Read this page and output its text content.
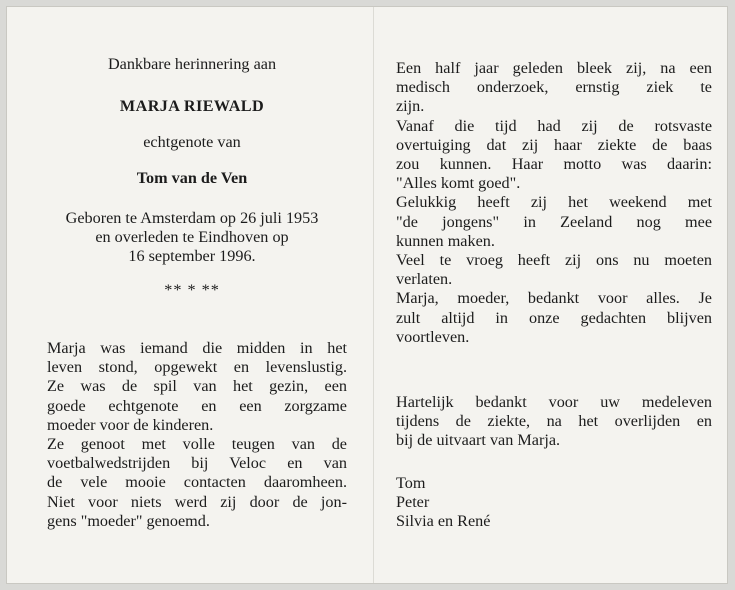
Dankbare herinnering aan
MARJA RIEWALD
echtgenote van
Tom van de Ven
Geboren te Amsterdam op 26 juli 1953
en overleden te Eindhoven op
16 september 1996.
** * **
Marja was iemand die midden in het
leven stond, opgewekt en levenslustig.
Ze was de spil van het gezin, een
goede echtgenote en een zorgzame
moeder voor de kinderen.
Ze genoot met volle teugen van de
voetbalwedstrijden bij Veloc en van
de vele mooie contacten daaromheen.
Niet voor niets werd zij door de jon-
gens "moeder" genoemd.
Een half jaar geleden bleek zij, na een
medisch onderzoek, ernstig ziek te
zijn.
Vanaf die tijd had zij de rotsvaste
overtuiging dat zij haar ziekte de baas
zou kunnen. Haar motto was daarin:
"Alles komt goed".
Gelukkig heeft zij het weekend met
"de jongens" in Zeeland nog mee
kunnen maken.
Veel te vroeg heeft zij ons nu moeten
verlaten.
Marja, moeder, bedankt voor alles. Je
zult altijd in onze gedachten blijven
voortleven.
Hartelijk bedankt voor uw medeleven
tijdens de ziekte, na het overlijden en
bij de uitvaart van Marja.
Tom
Peter
Silvia en René
